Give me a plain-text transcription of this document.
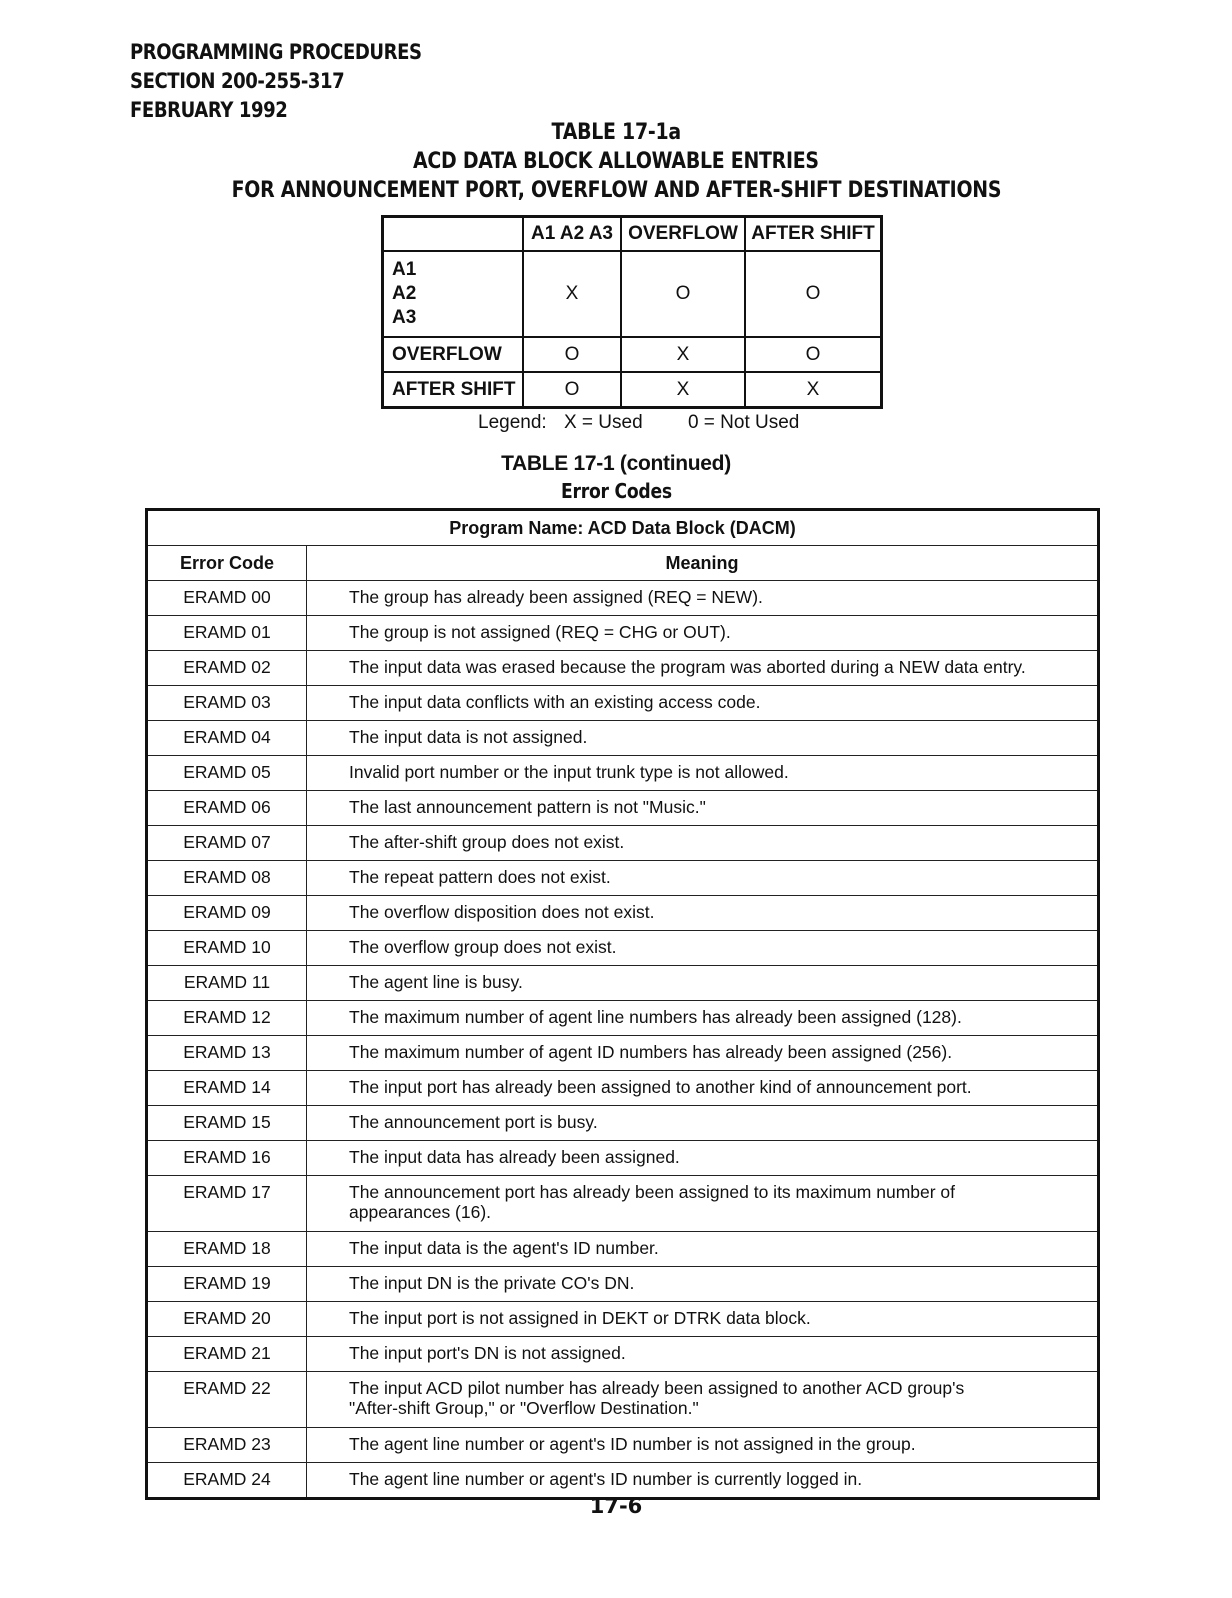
PROGRAMMING PROCEDURES
SECTION 200-255-317
FEBRUARY 1992
TABLE 17-1a
ACD DATA BLOCK ALLOWABLE ENTRIES
FOR ANNOUNCEMENT PORT, OVERFLOW AND AFTER-SHIFT DESTINATIONS
	A1 A2 A3	OVERFLOW	AFTER SHIFT

A1
A2
A3	X	O	O
OVERFLOW	O	X	O
AFTER SHIFT	O	X	X
Legend: X = Used 0 = Not Used
TABLE 17-1 (continued)
Error Codes
Program Name: ACD Data Block (DACM)	
Error Code	Meaning
ERAMD 00	The group has already been assigned (REQ = NEW).
ERAMD 01	The group is not assigned (REQ = CHG or OUT).
ERAMD 02	The input data was erased because the program was aborted during a NEW data entry.
ERAMD 03	The input data conflicts with an existing access code.
ERAMD 04	The input data is not assigned.
ERAMD 05	Invalid port number or the input trunk type is not allowed.
ERAMD 06	The last announcement pattern is not "Music."
ERAMD 07	The after-shift group does not exist.
ERAMD 08	The repeat pattern does not exist.
ERAMD 09	The overflow disposition does not exist.
ERAMD 10	The overflow group does not exist.
ERAMD 11	The agent line is busy.
ERAMD 12	The maximum number of agent line numbers has already been assigned (128).
ERAMD 13	The maximum number of agent ID numbers has already been assigned (256).
ERAMD 14	The input port has already been assigned to another kind of announcement port.
ERAMD 15	The announcement port is busy.
ERAMD 16	The input data has already been assigned.
ERAMD 17	The announcement port has already been assigned to its maximum number of
appearances (16).

ERAMD 18	The input data is the agent's ID number.
ERAMD 19	The input DN is the private CO's DN.
ERAMD 20	The input port is not assigned in DEKT or DTRK data block.
ERAMD 21	The input port's DN is not assigned.
ERAMD 22	The input ACD pilot number has already been assigned to another ACD group's
"After-shift Group," or "Overflow Destination."

ERAMD 23	The agent line number or agent's ID number is not assigned in the group.
ERAMD 24	The agent line number or agent's ID number is currently logged in.
17-6
